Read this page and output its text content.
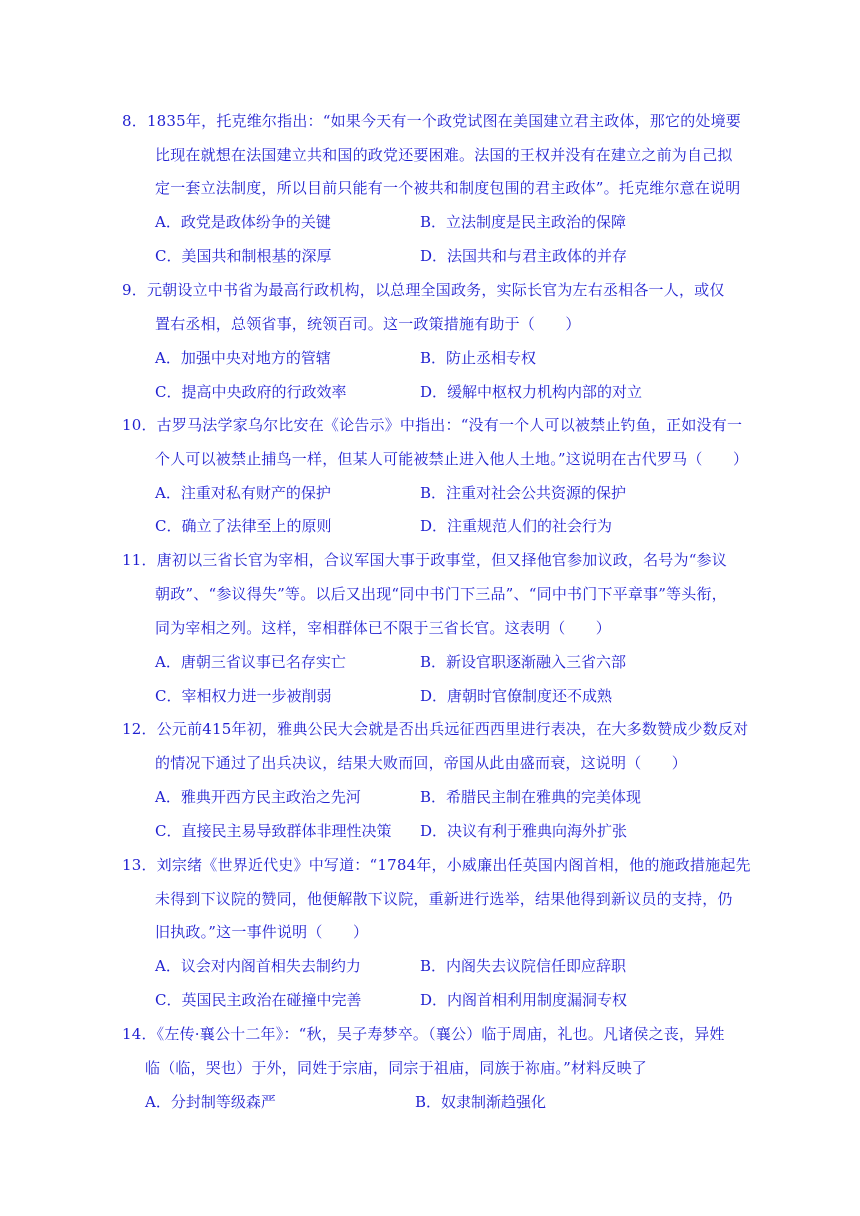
8．1835年，托克维尔指出：“如果今天有一个政党试图在美国建立君主政体，那它的处境要
比现在就想在法国建立共和国的政党还要困难。法国的王权并没有在建立之前为自己拟
定一套立法制度，所以目前只能有一个被共和制度包围的君主政体”。托克维尔意在说明
A．政党是政体纷争的关键	B．立法制度是民主政治的保障
C．美国共和制根基的深厚	D．法国共和与君主政体的并存
9．元朝设立中书省为最高行政机构，以总理全国政务，实际长官为左右丞相各一人，或仅
置右丞相，总领省事，统领百司。这一政策措施有助于（　　）
A．加强中央对地方的管辖	B．防止丞相专权
C．提高中央政府的行政效率	D．缓解中枢权力机构内部的对立
10．古罗马法学家乌尔比安在《论告示》中指出：“没有一个人可以被禁止钓鱼，正如没有一
个人可以被禁止捕鸟一样，但某人可能被禁止进入他人土地。”这说明在古代罗马（　　）
A．注重对私有财产的保护	B．注重对社会公共资源的保护
C．确立了法律至上的原则	D．注重规范人们的社会行为
11．唐初以三省长官为宰相，合议军国大事于政事堂，但又择他官参加议政，名号为“参议
朝政”、“参议得失”等。以后又出现“同中书门下三品”、“同中书门下平章事”等头衔，
同为宰相之列。这样，宰相群体已不限于三省长官。这表明（　　）
A．唐朝三省议事已名存实亡	B．新设官职逐渐融入三省六部
C．宰相权力进一步被削弱	D．唐朝时官僚制度还不成熟
12．公元前415年初，雅典公民大会就是否出兵远征西西里进行表决，在大多数赞成少数反对
的情况下通过了出兵决议，结果大败而回，帝国从此由盛而衰，这说明（　　）
A．雅典开西方民主政治之先河	B．希腊民主制在雅典的完美体现
C．直接民主易导致群体非理性决策 D．决议有利于雅典向海外扩张
13．刘宗绪《世界近代史》中写道：“1784年，小威廉出任英国内阁首相，他的施政措施起先
未得到下议院的赞同，他便解散下议院，重新进行选举，结果他得到新议员的支持，仍
旧执政。”这一事件说明（　　）
A．议会对内阁首相失去制约力	B．内阁失去议院信任即应辞职
C．英国民主政治在碰撞中完善	D．内阁首相利用制度漏洞专权
14．《左传·襄公十二年》：“秋，吴子寿梦卒。（襄公）临于周庙，礼也。凡诸侯之丧，异姓
临（临，哭也）于外，同姓于宗庙，同宗于祖庙，同族于祢庙。”材料反映了
A．分封制等级森严	B．奴隶制渐趋强化
